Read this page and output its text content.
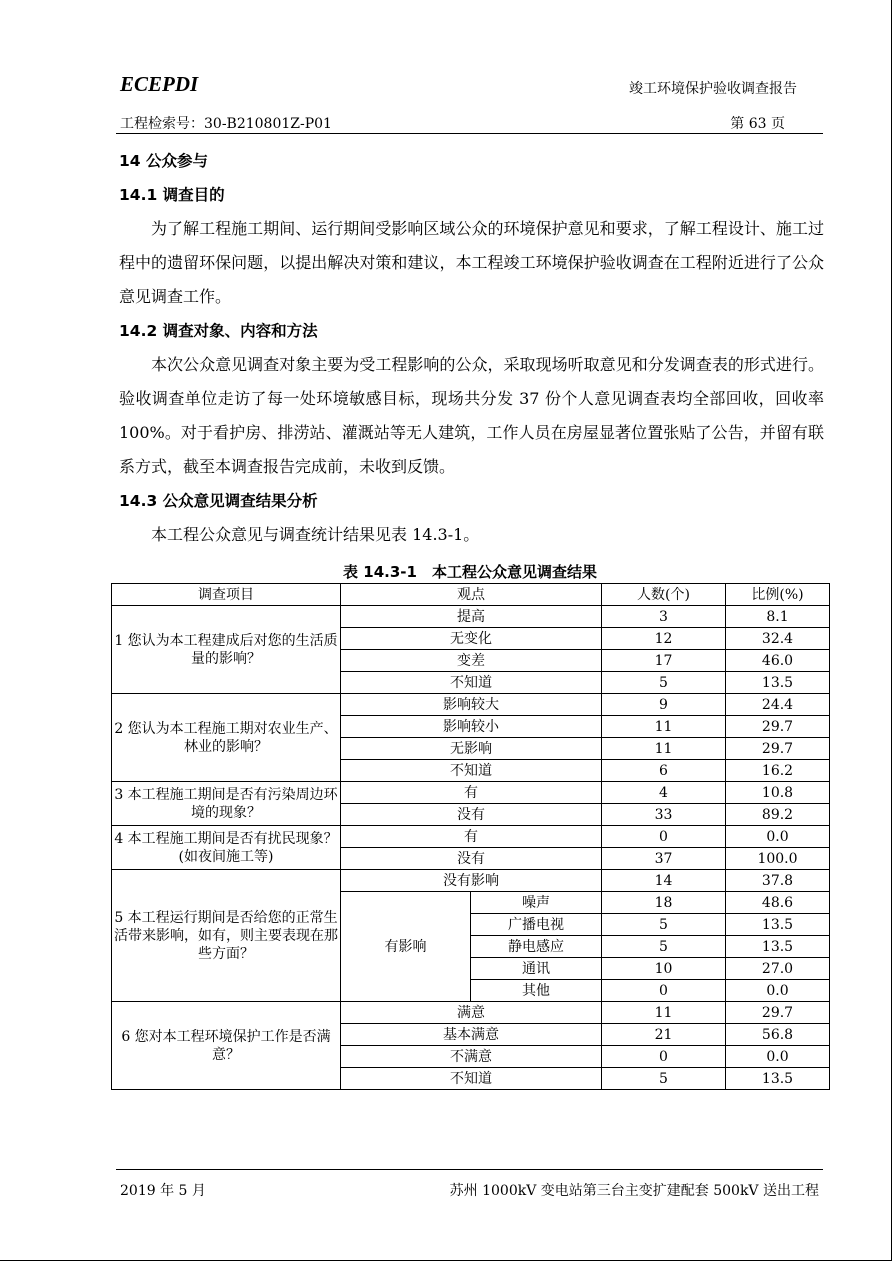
ECEPDI	竣工环境保护验收调查报告
工程检索号：30-B210801Z-P01	第 63 页
14 公众参与
14.1 调查目的

为了解工程施工期间、运行期间受影响区域公众的环境保护意见和要求，了解工程设计、施工过程中的遗留环保问题，以提出解决对策和建议，本工程竣工环境保护验收调查在工程附近进行了公众意见调查工作。

14.2 调查对象、内容和方法

本次公众意见调查对象主要为受工程影响的公众，采取现场听取意见和分发调查表的形式进行。验收调查单位走访了每一处环境敏感目标，现场共分发 37 份个人意见调查表均全部回收，回收率 100%。对于看护房、排涝站、灌溉站等无人建筑，工作人员在房屋显著位置张贴了公告，并留有联系方式，截至本调查报告完成前，未收到反馈。

14.3 公众意见调查结果分析

本工程公众意见与调查统计结果见表 14.3-1。

表 14.3-1　本工程公众意见调查结果
调查项目	观点		人数(个)	比例(%)
1 您认为本工程建成后对您的生活质量的影响？	提高		3	8.1
	无变化		12	32.4
	变差		17	46.0
	不知道		5	13.5
2 您认为本工程施工期对农业生产、林业的影响？	影响较大		9	24.4
	影响较小		11	29.7
	无影响		11	29.7
	不知道		6	16.2
3 本工程施工期间是否有污染周边环境的现象？	有		4	10.8
	没有		33	89.2
4 本工程施工期间是否有扰民现象？(如夜间施工等)	有		0	0.0
	没有		37	100.0
5 本工程运行期间是否给您的正常生活带来影响，如有，则主要表现在那些方面？	没有影响		14	37.8
	有影响	噪声	18	48.6
		广播电视	5	13.5
		静电感应	5	13.5
		通讯	10	27.0
		其他	0	0.0
6 您对本工程环境保护工作是否满意？	满意		11	29.7
	基本满意		21	56.8
	不满意		0	0.0
	不知道		5	13.5
2019 年 5 月	苏州 1000kV 变电站第三台主变扩建配套 500kV 送出工程
